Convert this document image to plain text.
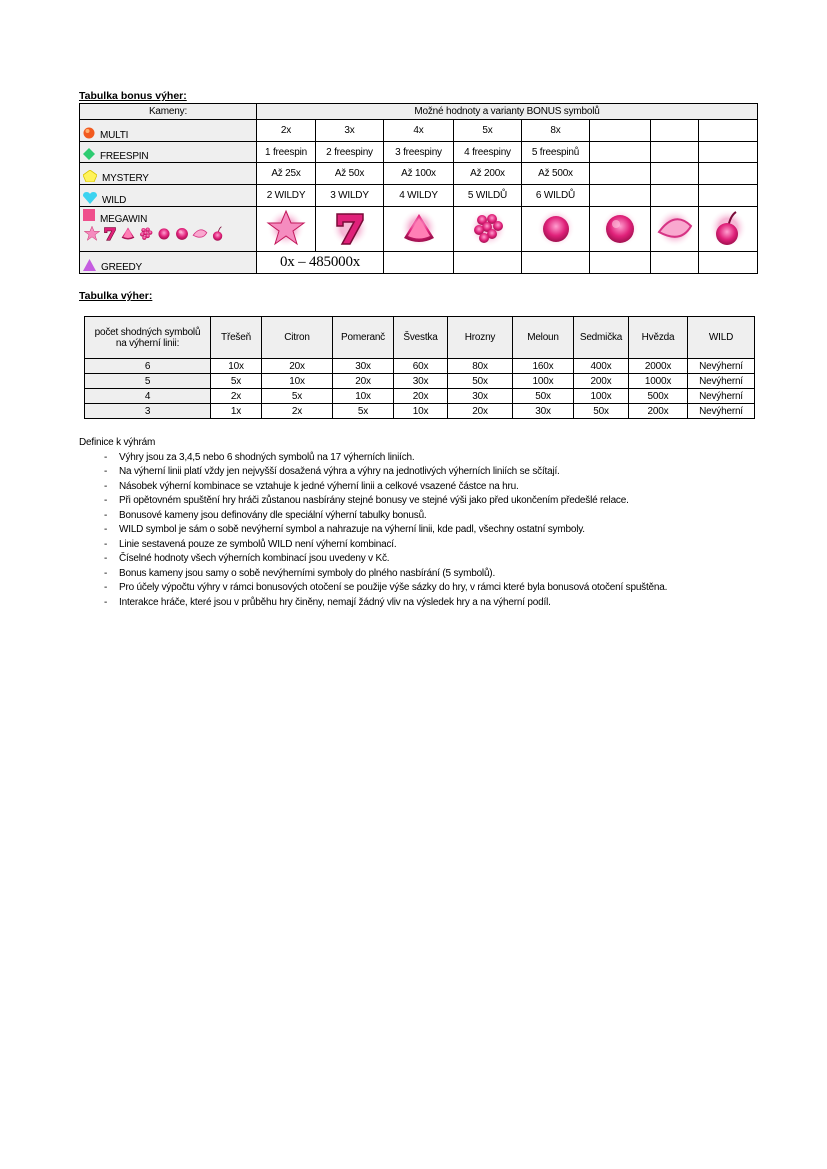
Tabulka bonus výher:
Kameny:	Možné hodnoty a varianty BONUS symbolů							
MULTI	2x	3x	4x	5x	8x			
FREESPIN	1 freespin	2 freespiny	3 freespiny	4 freespiny	5 freespinů			
MYSTERY	Až 25x	Až 50x	Až 100x	Až 200x	Až 500x			
WILD	2 WILDY	3 WILDY	4 WILDY	5 WILDŮ	6 WILDŮ			
MEGAWIN

GREEDY	0x – 485000x							
Tabulka výher:
počet shodných symbolů na výherní linii:	Třešeň	Citron	Pomeranč	Švestka	Hrozny	Meloun	Sedmička	Hvězda	WILD
6	10x	20x	30x	60x	80x	160x	400x	2000x	Nevýherní
5	5x	10x	20x	30x	50x	100x	200x	1000x	Nevýherní
4	2x	5x	10x	20x	30x	50x	100x	500x	Nevýherní
3	1x	2x	5x	10x	20x	30x	50x	200x	Nevýherní
Definice k výhrám
- Výhry jsou za 3,4,5 nebo 6 shodných symbolů na 17 výherních liniích.
- Na výherní linii platí vždy jen nejvyšší dosažená výhra a výhry na jednotlivých výherních liniích se sčítají.
- Násobek výherní kombinace se vztahuje k jedné výherní linii a celkové vsazené částce na hru.
- Při opětovném spuštění hry hráči zůstanou nasbírány stejné bonusy ve stejné výši jako před ukončením předešlé relace.
- Bonusové kameny jsou definovány dle speciální výherní tabulky bonusů.
- WILD symbol je sám o sobě nevýherní symbol a nahrazuje na výherní linii, kde padl, všechny ostatní symboly.
- Linie sestavená pouze ze symbolů WILD není výherní kombinací.
- Číselné hodnoty všech výherních kombinací jsou uvedeny v Kč.
- Bonus kameny jsou samy o sobě nevýherními symboly do plného nasbírání (5 symbolů).
- Pro účely výpočtu výhry v rámci bonusových otočení se použije výše sázky do hry, v rámci které byla bonusová otočení spuštěna.
- Interakce hráče, které jsou v průběhu hry činěny, nemají žádný vliv na výsledek hry a na výherní podíl.
